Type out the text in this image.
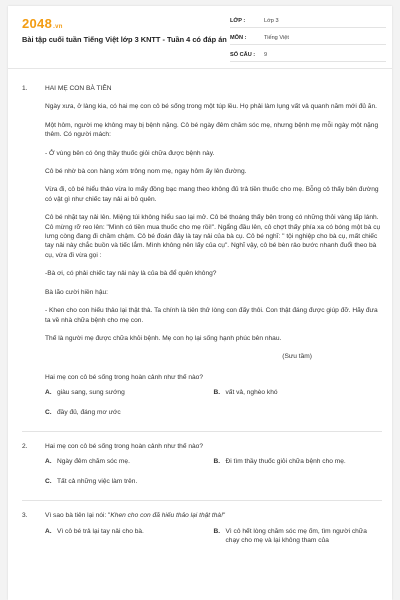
2048.vn
Bài tập cuối tuần Tiếng Việt lớp 3 KNTT - Tuần 4 có đáp án
LỚP :	Lớp 3
MÔN :	Tiếng Việt
SỐ CÂU :	9
1.	HAI MẸ CON BÀ TIÊN

Ngày xưa, ở làng kia, có hai mẹ con cô bé sống trong một túp lều. Họ phải làm lụng vất vả quanh năm mới đủ ăn.

Một hôm, người mẹ không may bị bệnh nặng. Cô bé ngày đêm chăm sóc mẹ, nhưng bệnh mẹ mỗi ngày một nặng thêm. Có người mách:

- Ở vùng bên có ông thầy thuốc giỏi chữa được bệnh này.

Cô bé nhờ bà con hàng xóm trông nom mẹ, ngay hôm ấy lên đường.

Vừa đi, cô bé hiểu thảo vừa lo mấy đồng bạc mang theo không đủ trả tiền thuốc cho mẹ. Bỗng cô thấy bên đường có vật gì như chiếc tay nải ai bỏ quên.

Cô bé nhặt tay nải lên. Miệng túi không hiểu sao lại mở. Cô bé thoáng thấy bên trong có những thỏi vàng lấp lánh. Cô mừng rỡ reo lên: "Mình có tiền mua thuốc cho mẹ rồi!". Ngẩng đầu lên, cô chợt thấy phía xa có bóng một bà cụ lưng còng đang đi chầm chậm. Cô bé đoán đây là tay nải của bà cụ. Cô bé nghĩ: " tội nghiệp cho bà cụ, mất chiếc tay nải này chắc buồn và tiếc lắm. Mình không nên lấy của cụ". Nghĩ vậy, cô bé bèn rảo bước nhanh đuổi theo bà cụ, vừa đi vừa gọi :

-Bà ơi, có phải chiếc tay nải này là của bà để quên không?

Bà lão cười hiền hậu:

- Khen cho con hiếu thảo lại thật thà. Ta chính là tiên thử lòng con đấy thôi. Con thật đáng được giúp đỡ. Hãy đưa ta về nhà chữa bệnh cho mẹ con.

Thế là người mẹ được chữa khỏi bệnh. Mẹ con họ lại sống hạnh phúc bên nhau.

(Sưu tầm)

Hai mẹ con cô bé sống trong hoàn cảnh như thế nào?

A. giàu sang, sung sướng	B. vất vả, nghèo khó
C. đầy đủ, đáng mơ ước
2.	Hai mẹ con cô bé sống trong hoàn cảnh như thế nào?

A. Ngày đêm chăm sóc mẹ.	B. Đi tìm thầy thuốc giỏi chữa bệnh cho mẹ.
C. Tất cả những việc làm trên.
3.	Vì sao bà tiên lại nói: "Khen cho con đã hiếu thảo lại thật thà!"

A. Vì cô bé trả lại tay nải cho bà.	B. Vì cô hết lòng chăm sóc mẹ ốm, tìm người chữa chạy cho mẹ và lại không tham của
